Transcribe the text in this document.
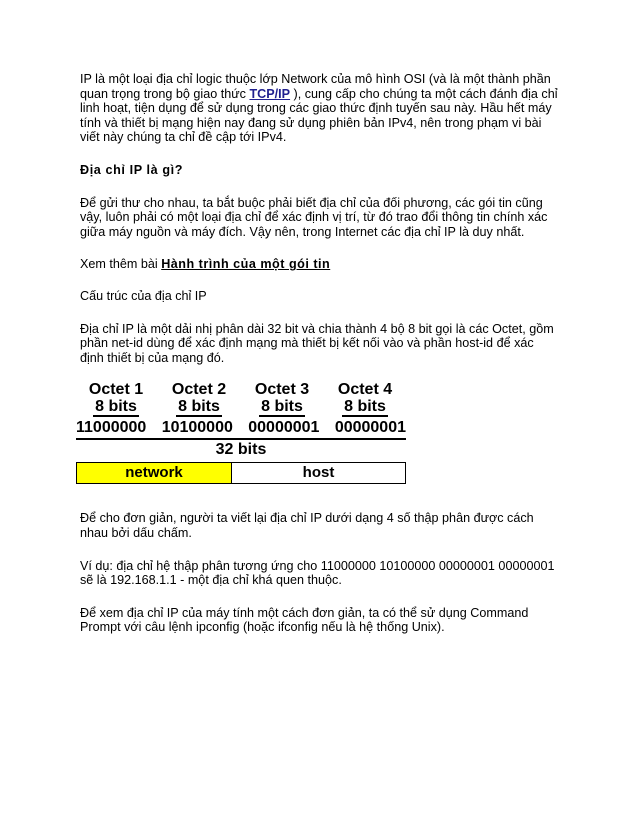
IP là một loại địa chỉ logic thuộc lớp Network của mô hình OSI (và là một thành phần quan trọng trong bộ giao thức TCP/IP ), cung cấp cho chúng ta một cách đánh địa chỉ linh hoạt, tiện dụng để sử dụng trong các giao thức định tuyến sau này. Hầu hết máy tính và thiết bị mạng hiện nay đang sử dụng phiên bản IPv4, nên trong phạm vi bài viết này chúng ta chỉ đề cập tới IPv4.

Địa chỉ IP là gì?

Để gửi thư cho nhau, ta bắt buộc phải biết địa chỉ của đối phương, các gói tin cũng vậy, luôn phải có một loại địa chỉ để xác định vị trí, từ đó trao đổi thông tin chính xác giữa máy nguồn và máy đích. Vậy nên, trong Internet các địa chỉ IP là duy nhất.

Xem thêm bài Hành trình của một gói tin

Cấu trúc của địa chỉ IP

Địa chỉ IP là một dải nhị phân dài 32 bit và chia thành 4 bộ 8 bit gọi là các Octet, gồm phần net-id dùng để xác định mạng mà thiết bị kết nối vào và phần host-id để xác định thiết bị của mạng đó.

Octet 1
8 bits
Octet 2
8 bits
Octet 3
8 bits
Octet 4
8 bits
11000000 10100000 00000001 00000001
32 bits
network	host

Để cho đơn giản, người ta viết lại địa chỉ IP dưới dạng 4 số thập phân được cách nhau bởi dấu chấm.

Ví dụ: địa chỉ hệ thập phân tương ứng cho 11000000 10100000 00000001 00000001 sẽ là 192.168.1.1 - một địa chỉ khá quen thuộc.

Để xem địa chỉ IP của máy tính một cách đơn giản, ta có thể sử dụng Command Prompt với câu lệnh ipconfig (hoặc ifconfig nếu là hệ thống Unix).
